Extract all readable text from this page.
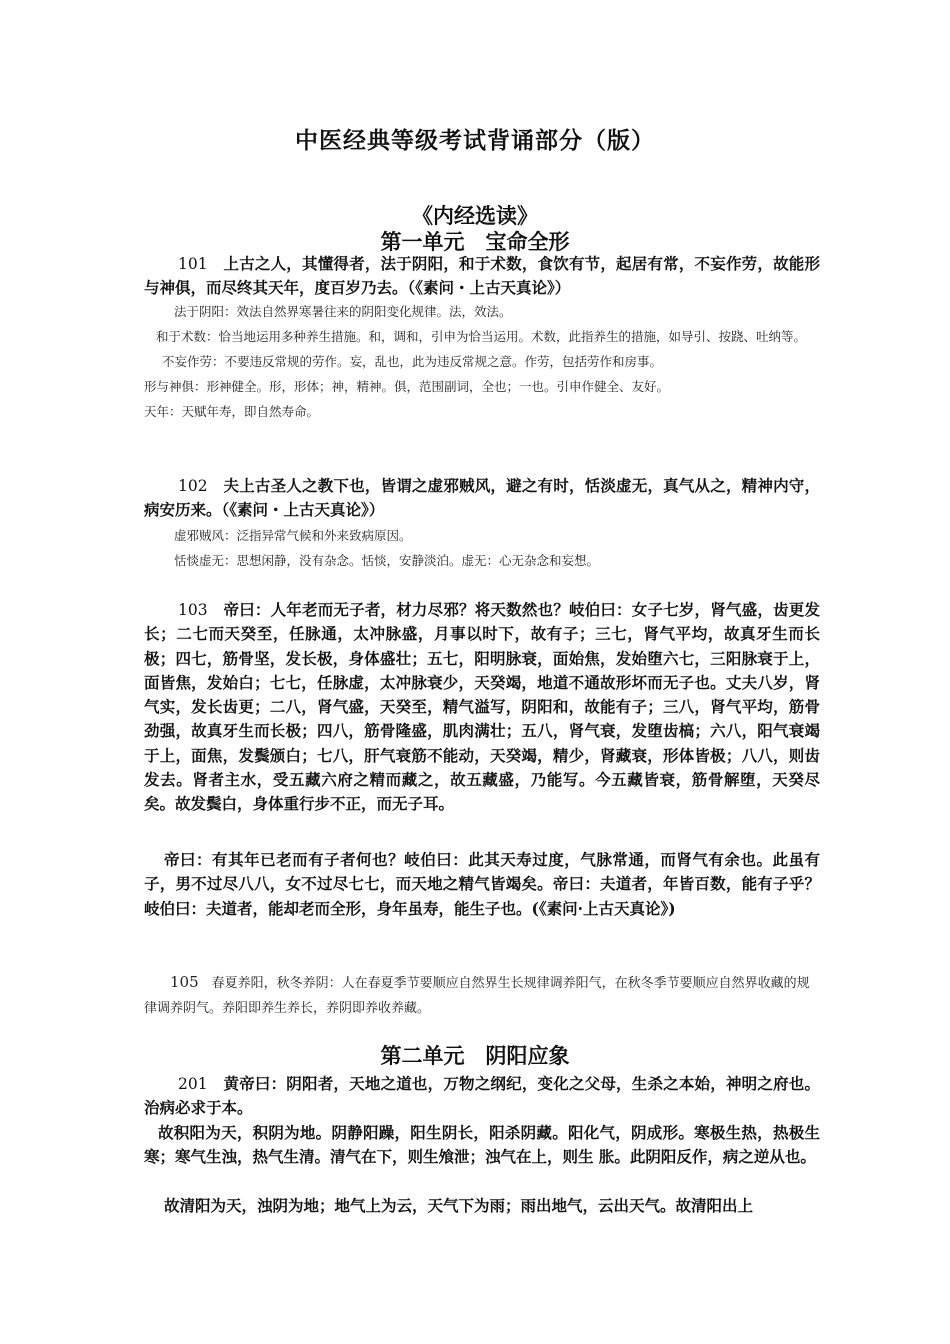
中医经典等级考试背诵部分（版）
《内经选读》
第一单元　宝命全形
101　 上古之人，其懂得者，法于阴阳，和于术数，食饮有节，起居有常，不妄作劳，故能形与神俱，而尽终其天年，度百岁乃去。（《素问・上古天真论》）
法于阴阳：效法自然界寒暑往来的阴阳变化规律。法，效法。
和于术数：恰当地运用多种养生措施。和，调和，引申为恰当运用。术数，此指养生的措施，如导引、按跷、吐纳等。
不妄作劳：不要违反常规的劳作。妄，乱也，此为违反常规之意。作劳，包括劳作和房事。
形与神俱：形神健全。形，形体；神，精神。俱，范围副词，全也；一也。引申作健全、友好。
天年：天赋年寿，即自然寿命。
102　 夫上古圣人之教下也，皆谓之虚邪贼风，避之有时，恬淡虚无，真气从之，精神内守，病安历来。（《素问・上古天真论》）
虚邪贼风：泛指异常气候和外来致病原因。
恬惔虚无：思想闲静，没有杂念。恬惔，安静淡泊。虚无：心无杂念和妄想。
103　 帝曰：人年老而无子者，材力尽邪？将天数然也？岐伯曰：女子七岁，肾气盛，齿更发长；二七而天癸至，任脉通，太冲脉盛，月事以时下，故有子；三七，肾气平均，故真牙生而长极；四七，筋骨坚，发长极，身体盛壮；五七，阳明脉衰，面始焦，发始堕六七，三阳脉衰于上，面皆焦，发始白；七七，任脉虚，太冲脉衰少，天癸竭，地道不通故形坏而无子也。丈夫八岁，肾气实，发长齿更；二八，肾气盛，天癸至，精气溢写，阴阳和，故能有子；三八，肾气平均，筋骨劲强，故真牙生而长极；四八，筋骨隆盛，肌肉满壮；五八，肾气衰，发堕齿槁；六八，阳气衰竭于上，面焦，发鬓颁白；七八，肝气衰筋不能动，天癸竭，精少，肾藏衰，形体皆极；八八，则齿发去。肾者主水，受五藏六府之精而藏之，故五藏盛，乃能写。今五藏皆衰，筋骨解堕，天癸尽矣。故发鬓白，身体重行步不正，而无子耳。
帝曰：有其年已老而有子者何也？岐伯曰：此其天寿过度，气脉常通，而肾气有余也。此虽有子，男不过尽八八，女不过尽七七，而天地之精气皆竭矣。帝曰：夫道者，年皆百数，能有子乎？岐伯曰：夫道者，能却老而全形，身年虽寿，能生子也。(《素问·上古天真论》)
105　 春夏养阳，秋冬养阴：人在春夏季节要顺应自然界生长规律调养阳气，在秋冬季节要顺应自然界收藏的规律调养阴气。养阳即养生养长，养阴即养收养藏。
第二单元　阴阳应象
201　 黄帝曰：阴阳者，天地之道也，万物之纲纪，变化之父母，生杀之本始，神明之府也。治病必求于本。
故积阳为天，积阴为地。阴静阳躁，阳生阴长，阳杀阴藏。阳化气，阴成形。寒极生热，热极生寒；寒气生浊，热气生清。清气在下，则生飧泄；浊气在上，则生 胀。此阴阳反作，病之逆从也。
故清阳为天，浊阴为地；地气上为云，天气下为雨；雨出地气，云出天气。故清阳出上
